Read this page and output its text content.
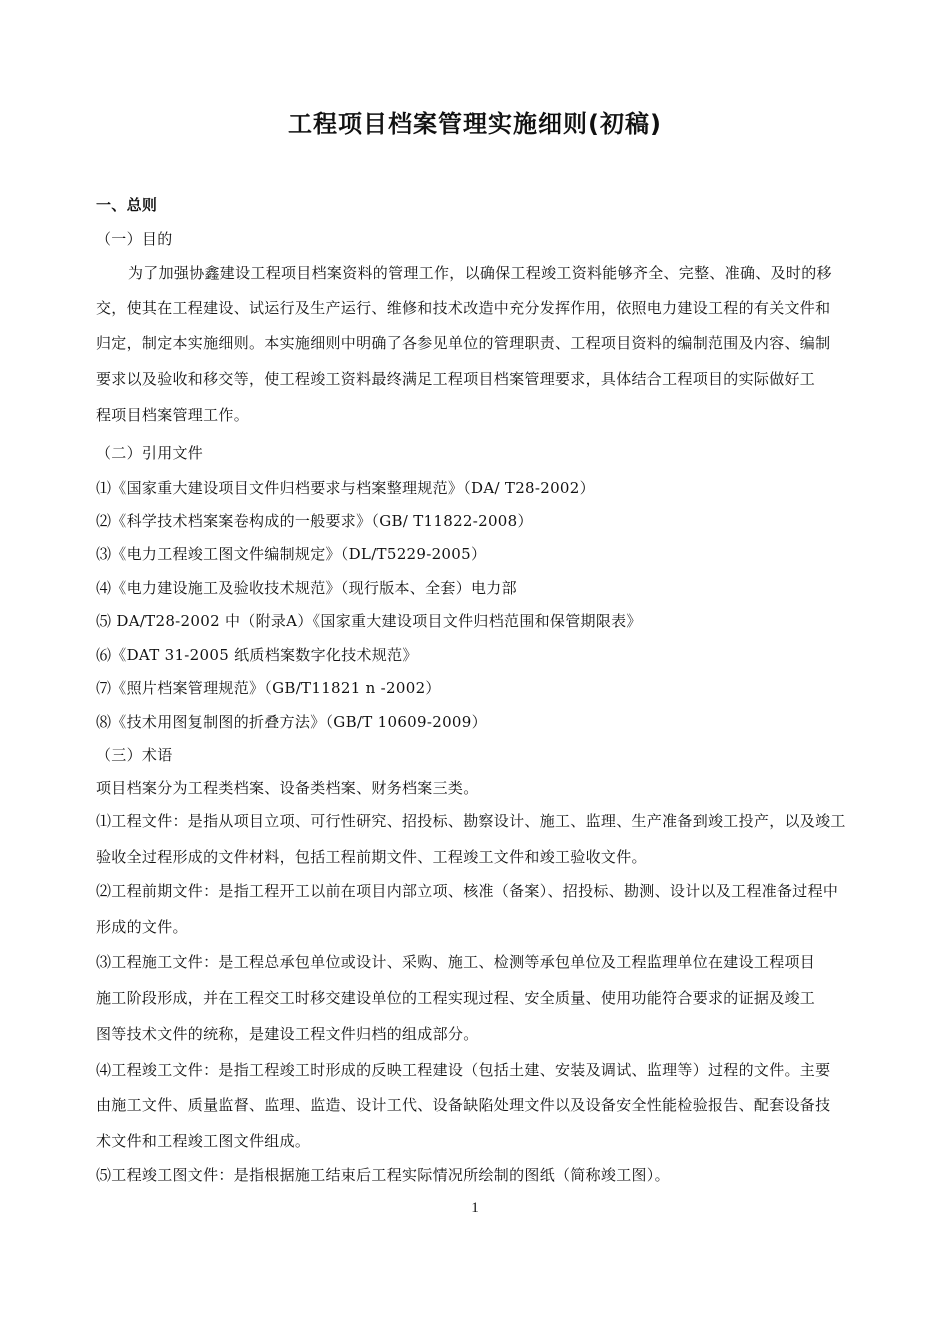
工程项目档案管理实施细则(初稿)
一、总则
（一）目的
为了加强协鑫建设工程项目档案资料的管理工作，以确保工程竣工资料能够齐全、完整、准确、及时的移
交，使其在工程建设、试运行及生产运行、维修和技术改造中充分发挥作用，依照电力建设工程的有关文件和
归定，制定本实施细则。本实施细则中明确了各参见单位的管理职责、工程项目资料的编制范围及内容、编制
要求以及验收和移交等，使工程竣工资料最终满足工程项目档案管理要求，具体结合工程项目的实际做好工
程项目档案管理工作。
（二）引用文件
⑴《国家重大建设项目文件归档要求与档案整理规范》（DA/ T28-2002）
⑵《科学技术档案案卷构成的一般要求》（GB/ T11822-2008）
⑶《电力工程竣工图文件编制规定》（DL/T5229-2005）
⑷《电力建设施工及验收技术规范》（现行版本、全套）电力部
⑸ DA/T28-2002 中（附录A）《国家重大建设项目文件归档范围和保管期限表》
⑹《DAT 31-2005 纸质档案数字化技术规范》
⑺《照片档案管理规范》（GB/T11821 n -2002）
⑻《技术用图复制图的折叠方法》（GB/T 10609-2009）
（三）术语
项目档案分为工程类档案、设备类档案、财务档案三类。
⑴工程文件：是指从项目立项、可行性研究、招投标、勘察设计、施工、监理、生产准备到竣工投产，以及竣工
验收全过程形成的文件材料，包括工程前期文件、工程竣工文件和竣工验收文件。
⑵工程前期文件：是指工程开工以前在项目内部立项、核准（备案）、招投标、勘测、设计以及工程准备过程中
形成的文件。
⑶工程施工文件：是工程总承包单位或设计、采购、施工、检测等承包单位及工程监理单位在建设工程项目
施工阶段形成，并在工程交工时移交建设单位的工程实现过程、安全质量、使用功能符合要求的证据及竣工
图等技术文件的统称，是建设工程文件归档的组成部分。
⑷工程竣工文件：是指工程竣工时形成的反映工程建设（包括土建、安装及调试、监理等）过程的文件。主要
由施工文件、质量监督、监理、监造、设计工代、设备缺陷处理文件以及设备安全性能检验报告、配套设备技
术文件和工程竣工图文件组成。
⑸工程竣工图文件：是指根据施工结束后工程实际情况所绘制的图纸（简称竣工图）。
1
